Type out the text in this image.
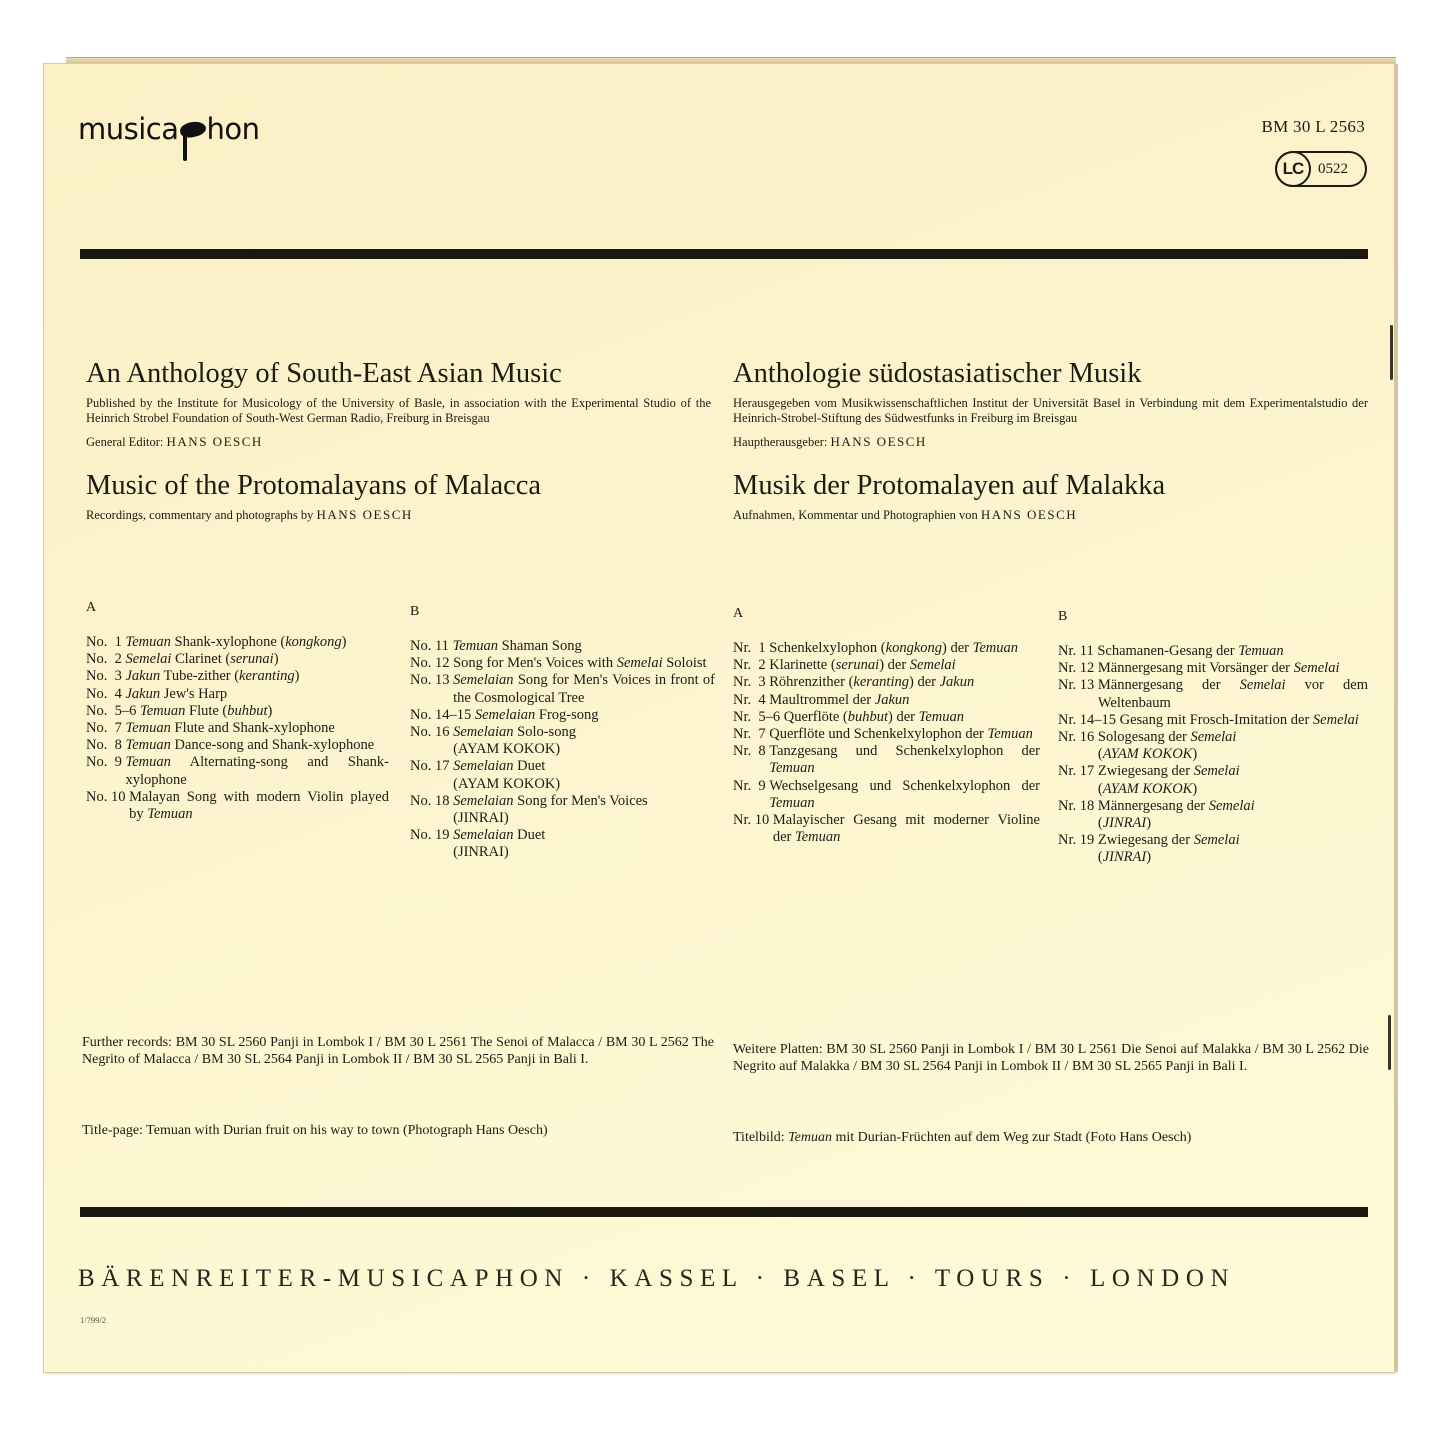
musica hon	BM 30 L 2563
LC 0522
An Anthology of South-East Asian Music
Published by the Institute for Musicology of the University of Basle, in association with the Experimental Studio of the Heinrich Strobel Foundation of South-West German Radio, Freiburg in Breisgau
General Editor: HANS OESCH
Music of the Protomalayans of Malacca
Recordings, commentary and photographs by HANS OESCH
Anthologie südostasiatischer Musik
Herausgegeben vom Musikwissenschaftlichen Institut der Universität Basel in Verbindung mit dem Experimentalstudio der Heinrich-Strobel-Stiftung des Südwestfunks in Freiburg im Breisgau
Hauptherausgeber: HANS OESCH
Musik der Protomalayen auf Malakka
Aufnahmen, Kommentar und Photographien von HANS OESCH
A
No.  1 Temuan Shank-xylophone (kongkong)
No.  2 Semelai Clarinet (serunai)
No.  3 Jakun Tube-zither (keranting)
No.  4 Jakun Jew's Harp
No.  5–6 Temuan Flute (buhbut)
No.  7 Temuan Flute and Shank-xylophone
No.  8 Temuan Dance-song and Shank-xylophone
No.  9 Temuan Alternating-song and Shank-xylophone
No. 10 Malayan Song with modern Violin played by Temuan
B
No. 11 Temuan Shaman Song
No. 12 Song for Men's Voices with Semelai Soloist
No. 13 Semelaian Song for Men's Voices in front of the Cosmological Tree
No. 14–15 Semelaian Frog-song
No. 16 Semelaian Solo-song
(AYAM KOKOK)
No. 17 Semelaian Duet
(AYAM KOKOK)
No. 18 Semelaian Song for Men's Voices
(JINRAI)
No. 19 Semelaian Duet
(JINRAI)
A
Nr.  1 Schenkelxylophon (kongkong) der Temuan
Nr.  2 Klarinette (serunai) der Semelai
Nr.  3 Röhrenzither (keranting) der Jakun
Nr.  4 Maultrommel der Jakun
Nr.  5–6 Querflöte (buhbut) der Temuan
Nr.  7 Querflöte und Schenkelxylophon der Temuan
Nr.  8 Tanzgesang und Schenkelxylophon der Temuan
Nr.  9 Wechselgesang und Schenkelxylophon der Temuan
Nr. 10 Malayischer Gesang mit moderner Violine der Temuan
B
Nr. 11 Schamanen-Gesang der Temuan
Nr. 12 Männergesang mit Vorsänger der Semelai
Nr. 13 Männergesang der Semelai vor dem Weltenbaum
Nr. 14–15 Gesang mit Frosch-Imitation der Semelai
Nr. 16 Sologesang der Semelai
(AYAM KOKOK)
Nr. 17 Zwiegesang der Semelai
(AYAM KOKOK)
Nr. 18 Männergesang der Semelai
(JINRAI)
Nr. 19 Zwiegesang der Semelai
(JINRAI)
Further records: BM 30 SL 2560 Panji in Lombok I / BM 30 L 2561 The Senoi of Malacca / BM 30 L 2562 The Negrito of Malacca / BM 30 SL 2564 Panji in Lombok II / BM 30 SL 2565 Panji in Bali I.
Title-page: Temuan with Durian fruit on his way to town (Photograph Hans Oesch)
Weitere Platten: BM 30 SL 2560 Panji in Lombok I / BM 30 L 2561 Die Senoi auf Malakka / BM 30 L 2562 Die Negrito auf Malakka / BM 30 SL 2564 Panji in Lombok II / BM 30 SL 2565 Panji in Bali I.
Titelbild: Temuan mit Durian-Früchten auf dem Weg zur Stadt (Foto Hans Oesch)
BÄRENREITER-MUSICAPHON · KASSEL · BASEL · TOURS · LONDON
1/799/2
